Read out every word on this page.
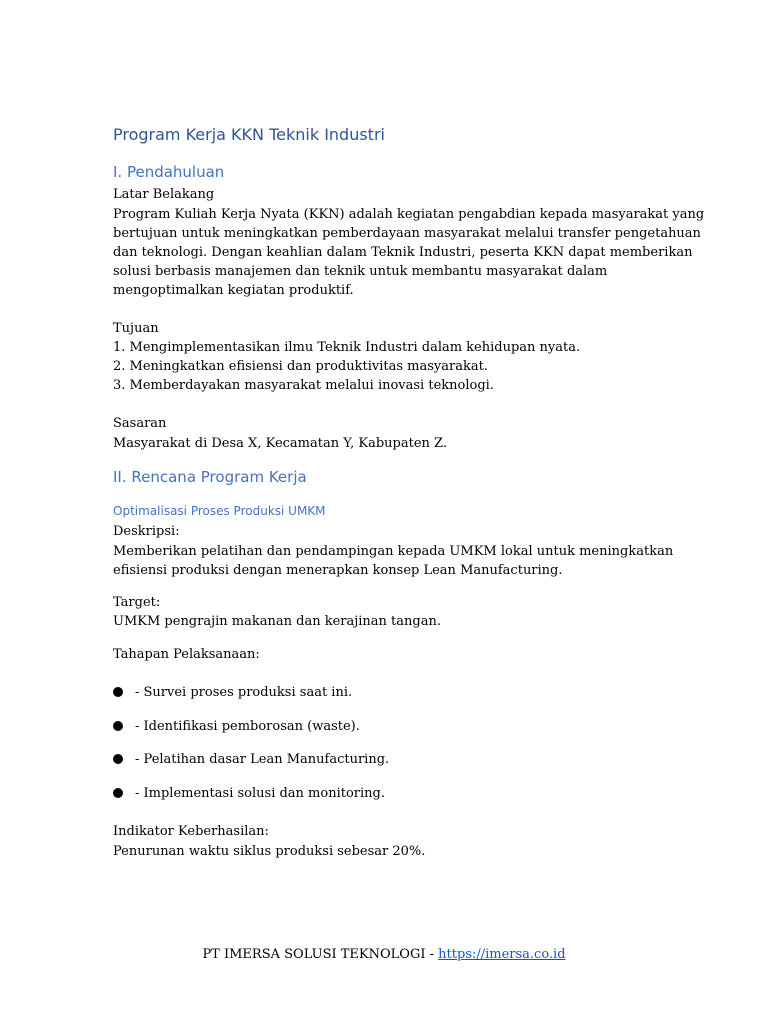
Program Kerja KKN Teknik Industri
I. Pendahuluan
Latar Belakang
Program Kuliah Kerja Nyata (KKN) adalah kegiatan pengabdian kepada masyarakat yang
bertujuan untuk meningkatkan pemberdayaan masyarakat melalui transfer pengetahuan
dan teknologi. Dengan keahlian dalam Teknik Industri, peserta KKN dapat memberikan
solusi berbasis manajemen dan teknik untuk membantu masyarakat dalam
mengoptimalkan kegiatan produktif.
Tujuan
1. Mengimplementasikan ilmu Teknik Industri dalam kehidupan nyata.
2. Meningkatkan efisiensi dan produktivitas masyarakat.
3. Memberdayakan masyarakat melalui inovasi teknologi.
Sasaran
Masyarakat di Desa X, Kecamatan Y, Kabupaten Z.
II. Rencana Program Kerja
Optimalisasi Proses Produksi UMKM
Deskripsi:
Memberikan pelatihan dan pendampingan kepada UMKM lokal untuk meningkatkan
efisiensi produksi dengan menerapkan konsep Lean Manufacturing.
Target:
UMKM pengrajin makanan dan kerajinan tangan.
Tahapan Pelaksanaan:
- Survei proses produksi saat ini.
- Identifikasi pemborosan (waste).
- Pelatihan dasar Lean Manufacturing.
- Implementasi solusi dan monitoring.
Indikator Keberhasilan:
Penurunan waktu siklus produksi sebesar 20%.
PT IMERSA SOLUSI TEKNOLOGI - https://imersa.co.id
